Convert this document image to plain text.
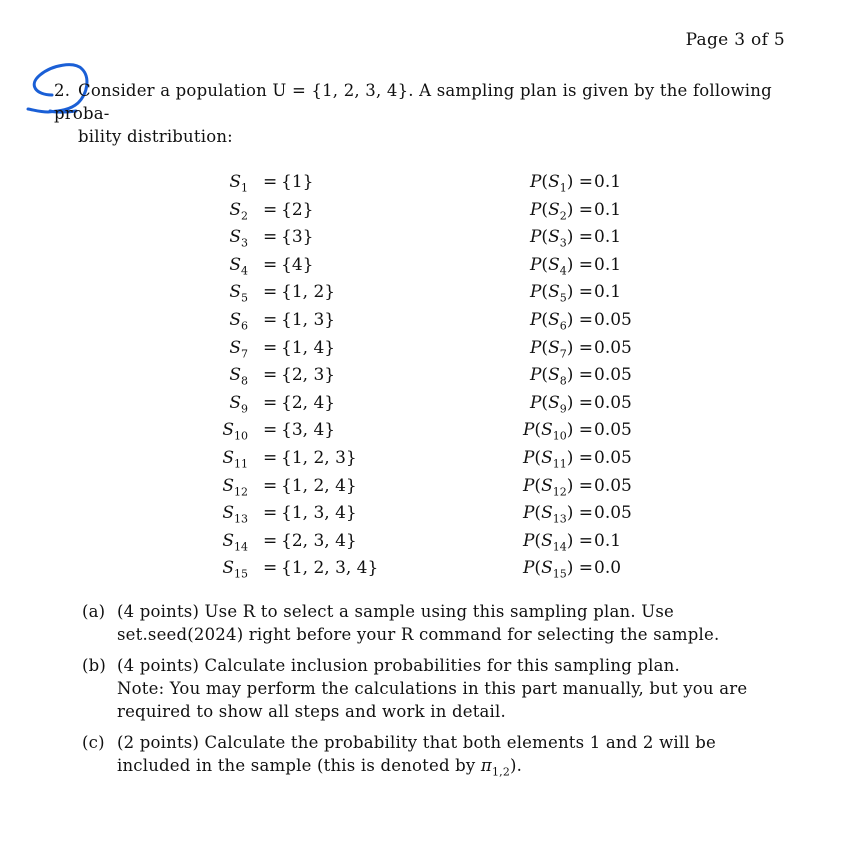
Page 3 of 5
2. Consider a population U = {1, 2, 3, 4}. A sampling plan is given by the following proba-
bility distribution:
$S_1 = \{1\}$	$P(S_1) = 0.1$
$S_2 = \{2\}$	$P(S_2) = 0.1$
$S_3 = \{3\}$	$P(S_3) = 0.1$
$S_4 = \{4\}$	$P(S_4) = 0.1$
$S_5 = \{1$, 2}	$P(S_5) = 0.1$
$S_6 = \{1$, 3}	$P(S_6) = 0.05$
$S_7 = \{1$, 4}	$P(S_7) = 0.05$
$S_8 = \{2$, 3}	$P(S_8) = 0.05$
$S_9 = \{2$, 4}	$P(S_9) = 0.05$
$S_{10} = \{3$, 4}	$P(S_{10}) = 0.05$
$S_{11} = \{1$, 2, 3}	$P(S_{11}) = 0.05$
$S_{12} = \{1$, 2, 4}	$P(S_{12}) = 0.05$
$S_{13} = \{1$, 3, 4}	$P(S_{13}) = 0.05$
$S_{14} = \{2$, 3, 4}	$P(S_{14}) = 0.1$
$S_{15} = \{1$, 2, 3, 4}	$P(S_{15}) = 0.0$
(a) (4 points) Use R to select a sample using this sampling plan. Use set.seed(2024) right before your R command for selecting the sample.
(b) (4 points) Calculate inclusion probabilities for this sampling plan.
Note: You may perform the calculations in this part manually, but you are required to show all steps and work in detail.
(c) (2 points) Calculate the probability that both elements 1 and 2 will be included in the sample (this is denoted by $\pi_{1,2}$).
